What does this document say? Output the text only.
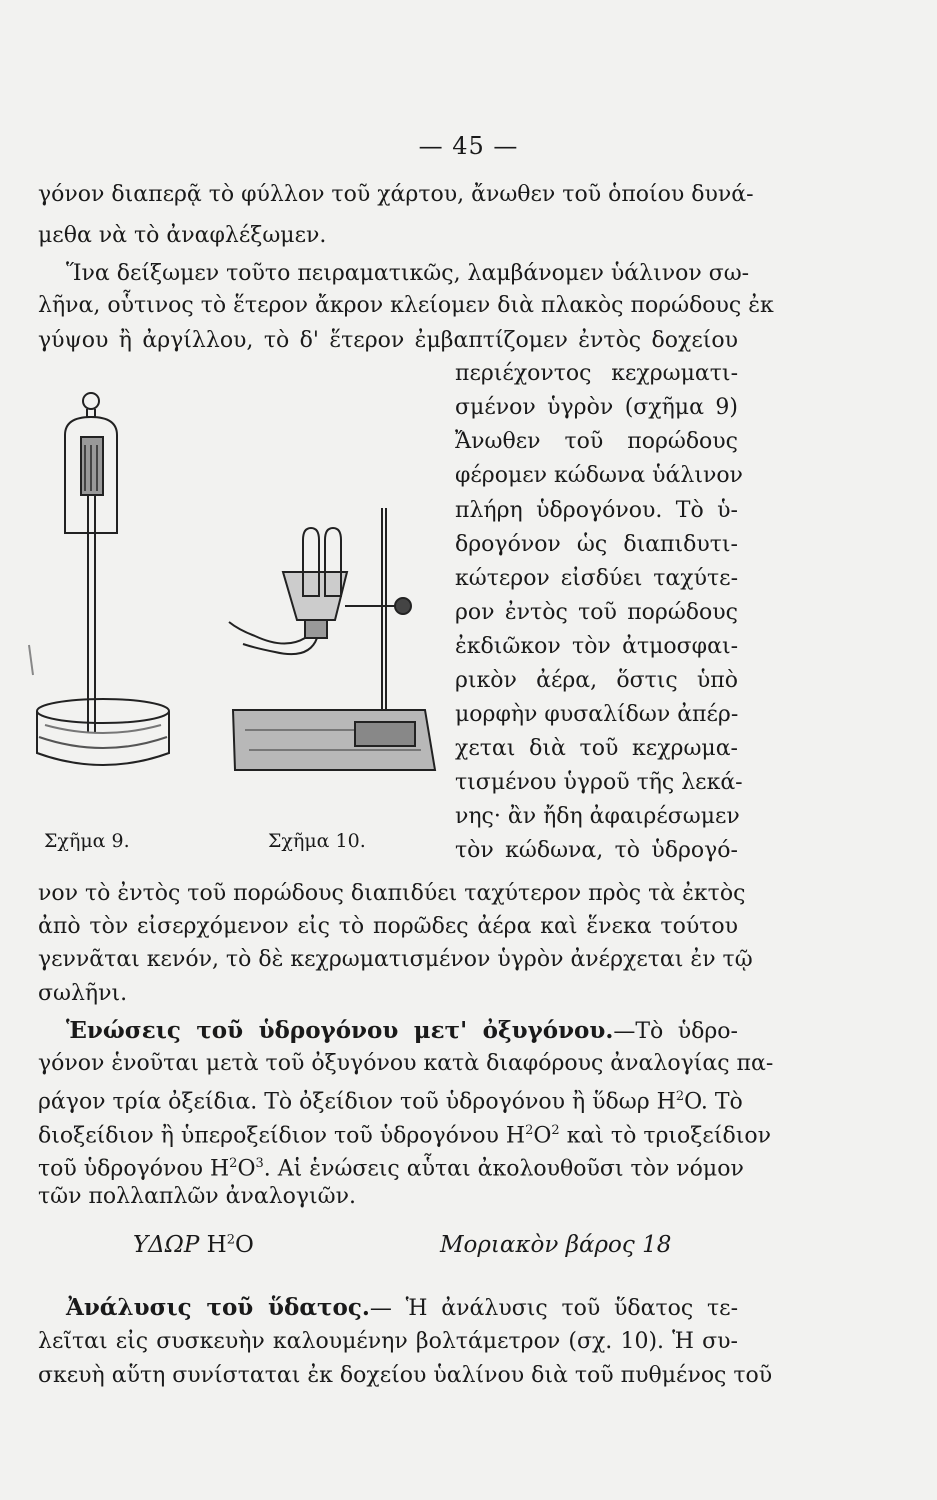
— 45 —
γόνον διαπερᾷ τὸ φύλλον τοῦ χάρτου, ἄνωθεν τοῦ ὁποίου δυνά-
μεθα νὰ τὸ ἀναφλέξωμεν.
Ἵνα δείξωμεν τοῦτο πειραματικῶς, λαμβάνομεν ὑάλινον σω-
λῆνα, οὗτινος τὸ ἕτερον ἄκρον κλείομεν διὰ πλακὸς πορώδους ἐκ
γύψου ἢ ἀργίλλου, τὸ δ' ἕτερον ἐμβαπτίζομεν ἐντὸς δοχείου
περιέχοντος κεχρωματι-
σμένον ὑγρὸν (σχῆμα 9)
Ἄνωθεν τοῦ πορώδους
φέρομεν κώδωνα ὑάλινον
πλήρη ὑδρογόνου. Τὸ ὑ-
δρογόνον ὡς διαπιδυτι-
κώτερον εἰσδύει ταχύτε-
ρον ἐντὸς τοῦ πορώδους
ἐκδιῶκον τὸν ἀτμοσφαι-
ρικὸν ἀέρα, ὅστις ὑπὸ
μορφὴν φυσαλίδων ἀπέρ-
χεται διὰ τοῦ κεχρωμα-
τισμένου ὑγροῦ τῆς λεκά-
νης· ἂν ἤδη ἀφαιρέσωμεν
τὸν κώδωνα, τὸ ὑδρογό-
Σχῆμα 9.	Σχῆμα 10.
νον τὸ ἐντὸς τοῦ πορώδους διαπιδύει ταχύτερον πρὸς τὰ ἐκτὸς
ἀπὸ τὸν εἰσερχόμενον εἰς τὸ πορῶδες ἀέρα καὶ ἕνεκα τούτου
γεννᾶται κενόν, τὸ δὲ κεχρωματισμένον ὑγρὸν ἀνέρχεται ἐν τῷ
σωλῆνι.
Ἑνώσεις τοῦ ὑδρογόνου μετ' ὀξυγόνου.—Τὸ ὑδρο-
γόνον ἑνοῦται μετὰ τοῦ ὀξυγόνου κατὰ διαφόρους ἀναλογίας πα-
ράγον τρία ὀξείδια. Τὸ ὀξείδιον τοῦ ὑδρογόνου ἢ ὕδωρ $H^2O$. Τὸ
διοξείδιον ἢ ὑπεροξείδιον τοῦ ὑδρογόνου $H^2O^2$ καὶ τὸ τριοξείδιον
τοῦ ὑδρογόνου $H^2O^3$. Αἱ ἑνώσεις αὗται ἀκολουθοῦσι τὸν νόμον
τῶν πολλαπλῶν ἀναλογιῶν.
ΥΔΩΡ $H^2O$	Μοριακὸν βάρος 18
Ἀνάλυσις τοῦ ὕδατος.— Ἡ ἀνάλυσις τοῦ ὕδατος τε-
λεῖται εἰς συσκευὴν καλουμένην βολτάμετρον (σχ. 10). Ἡ συ-
σκευὴ αὕτη συνίσταται ἐκ δοχείου ὑαλίνου διὰ τοῦ πυθμένος τοῦ
